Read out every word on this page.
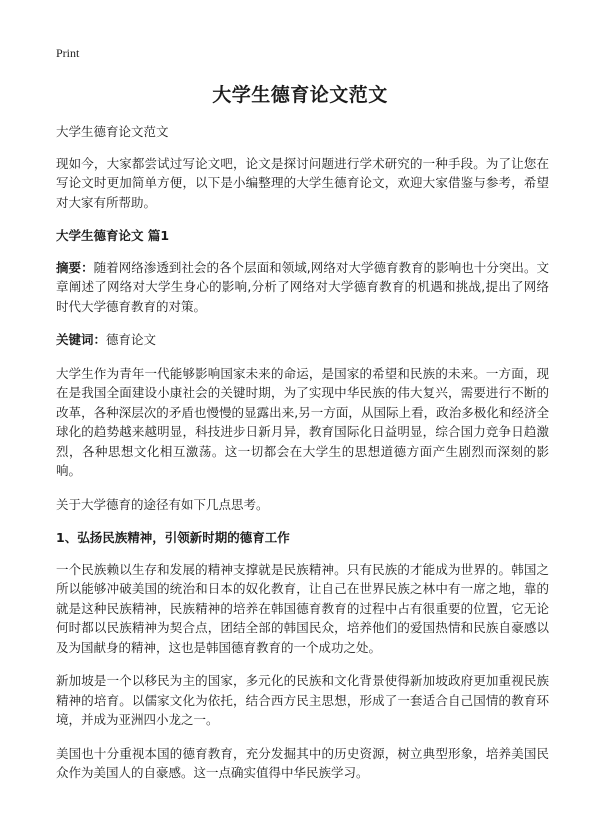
Print
大学生德育论文范文

大学生德育论文范文

现如今，大家都尝试过写论文吧，论文是探讨问题进行学术研究的一种手段。为了让您在写论文时更加简单方便，以下是小编整理的大学生德育论文，欢迎大家借鉴与参考，希望对大家有所帮助。

大学生德育论文 篇1

摘要：随着网络渗透到社会的各个层面和领域,网络对大学德育教育的影响也十分突出。文章阐述了网络对大学生身心的影响,分析了网络对大学德育教育的机遇和挑战,提出了网络时代大学德育教育的对策。

关键词：德育论文

大学生作为青年一代能够影响国家未来的命运，是国家的希望和民族的未来。一方面，现在是我国全面建设小康社会的关键时期，为了实现中华民族的伟大复兴，需要进行不断的改革，各种深层次的矛盾也慢慢的显露出来,另一方面，从国际上看，政治多极化和经济全球化的趋势越来越明显，科技进步日新月异，教育国际化日益明显，综合国力竞争日趋激烈，各种思想文化相互激荡。这一切都会在大学生的思想道德方面产生剧烈而深刻的影响。

关于大学德育的途径有如下几点思考。

1、弘扬民族精神，引领新时期的德育工作

一个民族赖以生存和发展的精神支撑就是民族精神。只有民族的才能成为世界的。韩国之所以能够冲破美国的统治和日本的奴化教育，让自己在世界民族之林中有一席之地，靠的就是这种民族精神，民族精神的培养在韩国德育教育的过程中占有很重要的位置，它无论何时都以民族精神为契合点，团结全部的韩国民众，培养他们的爱国热情和民族自豪感以及为国献身的精神，这也是韩国德育教育的一个成功之处。

新加坡是一个以移民为主的国家，多元化的民族和文化背景使得新加坡政府更加重视民族精神的培育。以儒家文化为依托，结合西方民主思想，形成了一套适合自己国情的教育环境，并成为亚洲四小龙之一。

美国也十分重视本国的德育教育，充分发掘其中的历史资源，树立典型形象，培养美国民众作为美国人的自豪感。这一点确实值得中华民族学习。
